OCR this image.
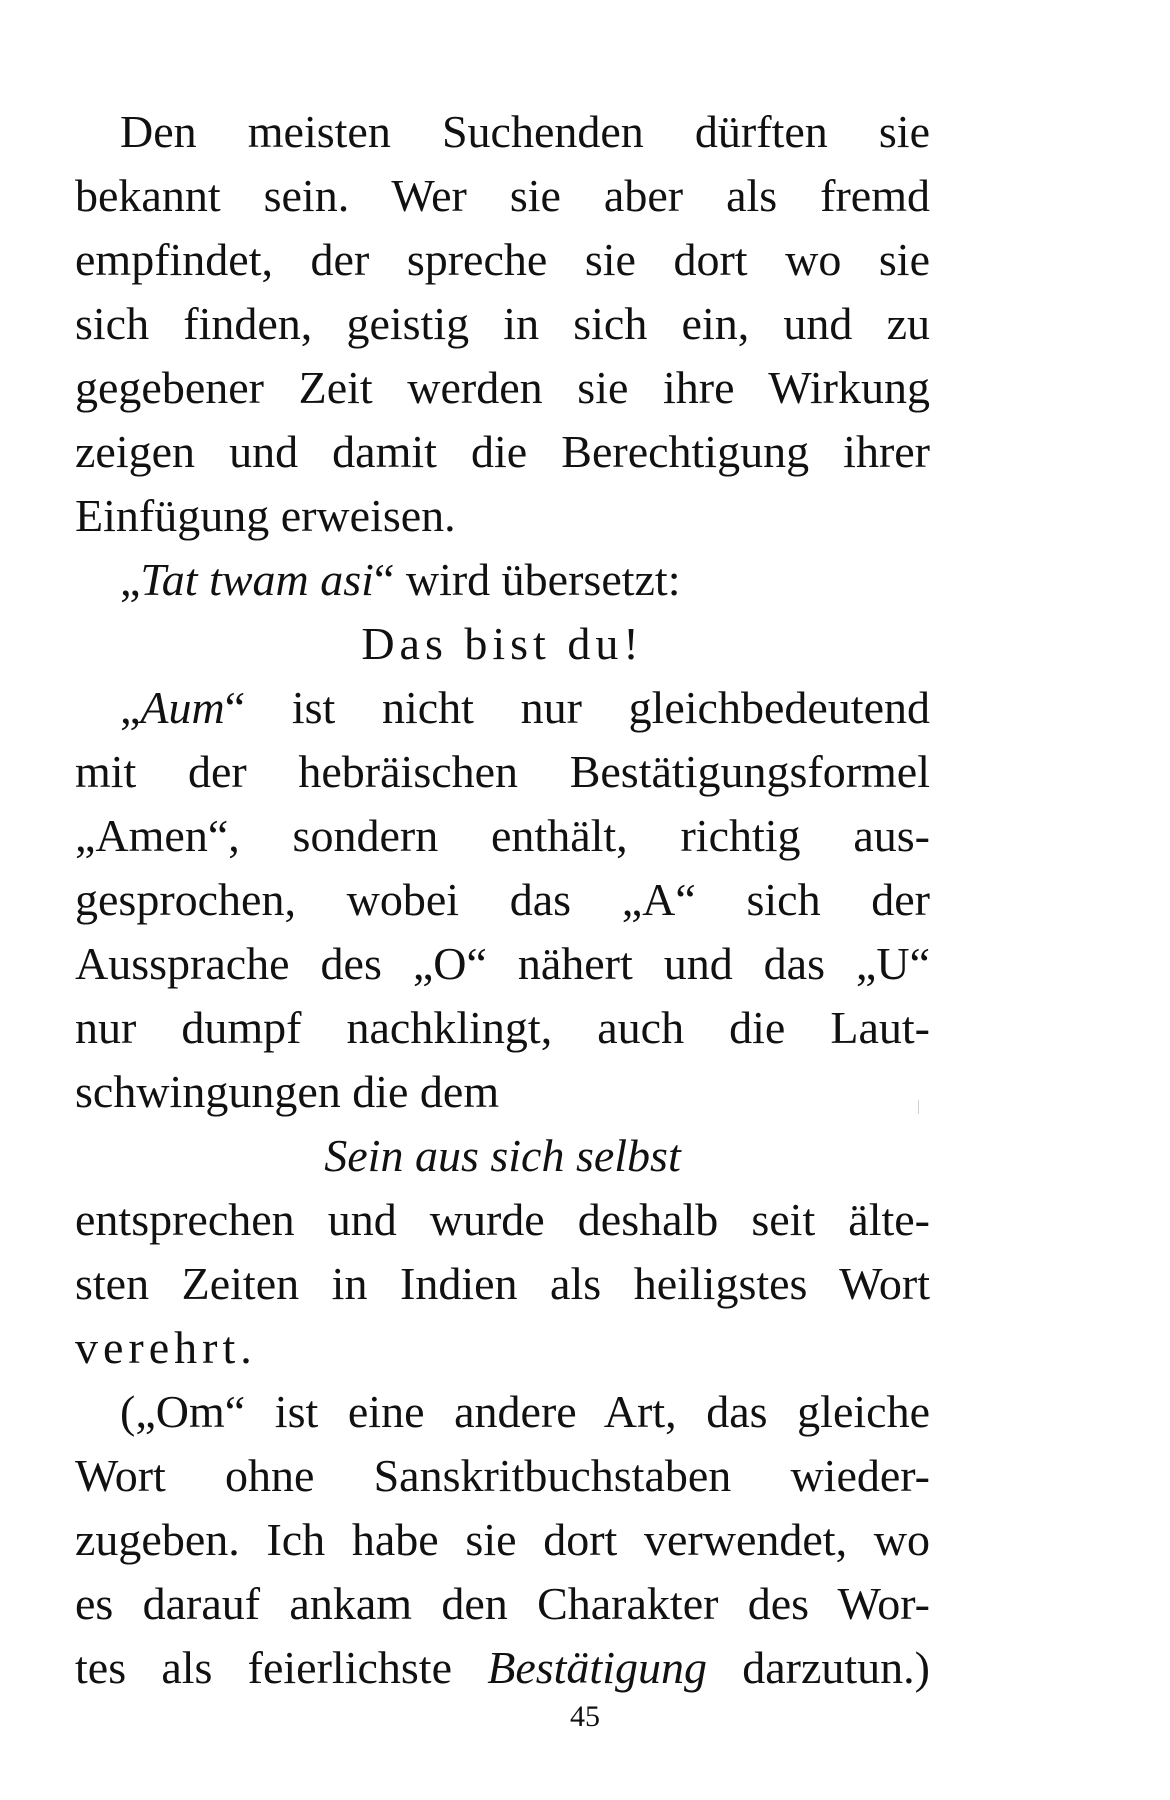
Den meisten Suchenden dürften sie
bekannt sein. Wer sie aber als fremd
empfindet, der spreche sie dort wo sie
sich finden, geistig in sich ein, und zu
gegebener Zeit werden sie ihre Wirkung
zeigen und damit die Berechtigung ihrer
Einfügung erweisen.
„Tat twam asi“ wird übersetzt:
Das bist du!
„Aum“ ist nicht nur gleichbedeutend
mit der hebräischen Bestätigungsformel
„Amen“, sondern enthält, richtig aus-
gesprochen, wobei das „A“ sich der
Aussprache des „O“ nähert und das „U“
nur dumpf nachklingt, auch die Laut-
schwingungen die dem
Sein aus sich selbst
entsprechen und wurde deshalb seit älte-
sten Zeiten in Indien als heiligstes Wort
verehrt.
(„Om“ ist eine andere Art, das gleiche
Wort ohne Sanskritbuchstaben wieder-
zugeben. Ich habe sie dort verwendet, wo
es darauf ankam den Charakter des Wor-
tes als feierlichste Bestätigung darzutun.)
45
